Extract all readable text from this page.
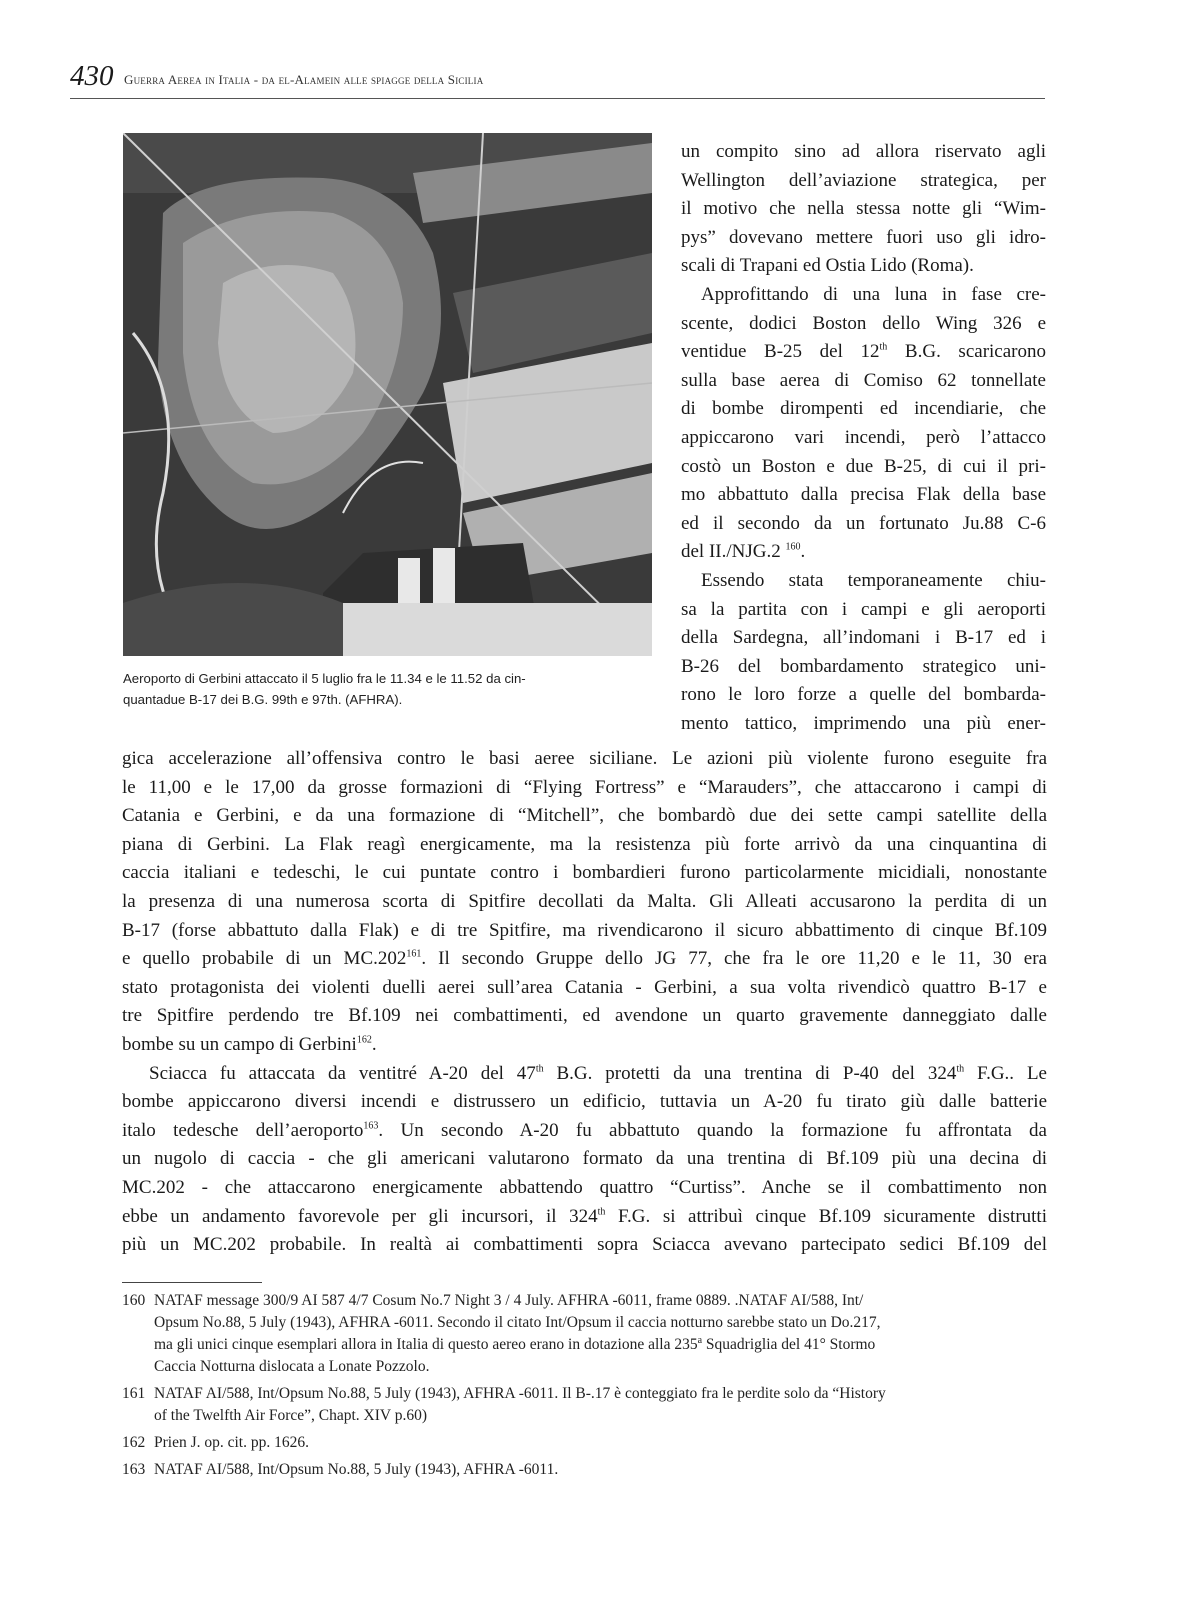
430 Guerra Aerea in Italia - da el-Alamein alle spiagge della Sicilia
Aeroporto di Gerbini attaccato il 5 luglio fra le 11.34 e le 11.52 da cin-
quantadue B-17 dei B.G. 99th e 97th. (AFHRA).
un compito sino ad allora riservato agli
Wellington dell’aviazione strategica, per
il motivo che nella stessa notte gli “Wim-
pys” dovevano mettere fuori uso gli idro-
scali di Trapani ed Ostia Lido (Roma).
Approfittando di una luna in fase cre-
scente, dodici Boston dello Wing 326 e
ventidue B-25 del 12th B.G. scaricarono
sulla base aerea di Comiso 62 tonnellate
di bombe dirompenti ed incendiarie, che
appiccarono vari incendi, però l’attacco
costò un Boston e due B-25, di cui il pri-
mo abbattuto dalla precisa Flak della base
ed il secondo da un fortunato Ju.88 C-6
del II./NJG.2 $^{160}$.
Essendo stata temporaneamente chiu-
sa la partita con i campi e gli aeroporti
della Sardegna, all’indomani i B-17 ed i
B-26 del bombardamento strategico uni-
rono le loro forze a quelle del bombarda-
mento tattico, imprimendo una più ener-
gica accelerazione all’offensiva contro le basi aeree siciliane. Le azioni più violente furono eseguite fra
le 11,00 e le 17,00 da grosse formazioni di “Flying Fortress” e “Marauders”, che attaccarono i campi di
Catania e Gerbini, e da una formazione di “Mitchell”, che bombardò due dei sette campi satellite della
piana di Gerbini. La Flak reagì energicamente, ma la resistenza più forte arrivò da una cinquantina di
caccia italiani e tedeschi, le cui puntate contro i bombardieri furono particolarmente micidiali, nonostante
la presenza di una numerosa scorta di Spitfire decollati da Malta. Gli Alleati accusarono la perdita di un
B-17 (forse abbattuto dalla Flak) e di tre Spitfire, ma rivendicarono il sicuro abbattimento di cinque Bf.109
e quello probabile di un MC.202$^{161}$. Il secondo Gruppe dello JG 77, che fra le ore 11,20 e le 11, 30 era
stato protagonista dei violenti duelli aerei sull’area Catania - Gerbini, a sua volta rivendicò quattro B-17 e
tre Spitfire perdendo tre Bf.109 nei combattimenti, ed avendone un quarto gravemente danneggiato dalle
bombe su un campo di Gerbini$^{162}$.
Sciacca fu attaccata da ventitré A-20 del 47th B.G. protetti da una trentina di P-40 del 324th F.G.. Le
bombe appiccarono diversi incendi e distrussero un edificio, tuttavia un A-20 fu tirato giù dalle batterie
italo tedesche dell’aeroporto$^{163}$. Un secondo A-20 fu abbattuto quando la formazione fu affrontata da
un nugolo di caccia - che gli americani valutarono formato da una trentina di Bf.109 più una decina di
MC.202 - che attaccarono energicamente abbattendo quattro “Curtiss”. Anche se il combattimento non
ebbe un andamento favorevole per gli incursori, il 324th F.G. si attribuì cinque Bf.109 sicuramente distrutti
più un MC.202 probabile. In realtà ai combattimenti sopra Sciacca avevano partecipato sedici Bf.109 del
160 NATAF message 300/9 AI 587 4/7 Cosum No.7 Night 3 / 4 July. AFHRA -6011, frame 0889. .NATAF AI/588, Int/
Opsum No.88, 5 July (1943), AFHRA -6011. Secondo il citato Int/Opsum il caccia notturno sarebbe stato un Do.217,
ma gli unici cinque esemplari allora in Italia di questo aereo erano in dotazione alla 235$^a$ Squadriglia del 41° Stormo
Caccia Notturna dislocata a Lonate Pozzolo.
161 NATAF AI/588, Int/Opsum No.88, 5 July (1943), AFHRA -6011. Il B-.17 è conteggiato fra le perdite solo da “History
of the Twelfth Air Force”, Chapt. XIV p.60)
162 Prien J. op. cit. pp. 1626.
163 NATAF AI/588, Int/Opsum No.88, 5 July (1943), AFHRA -6011.
